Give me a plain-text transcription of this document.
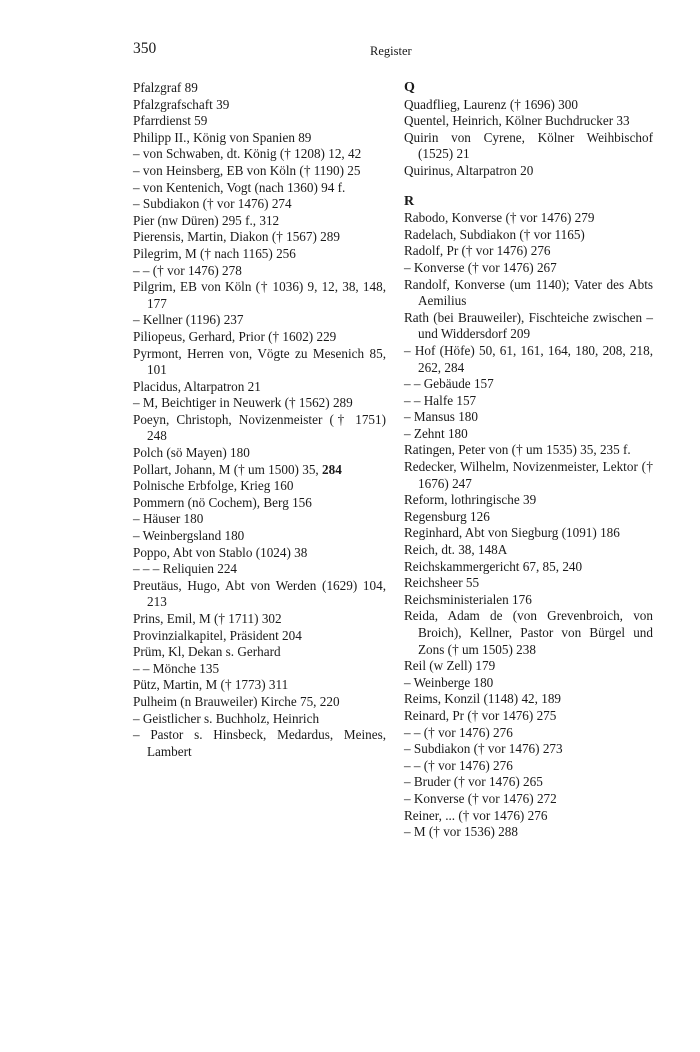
350	Register

Pfalzgraf 89

Pfalzgrafschaft 39

Pfarrdienst 59

Philipp II., König von Spanien 89

– von Schwaben, dt. König († 1208) 12, 42

– von Heinsberg, EB von Köln († 1190) 25

– von Kentenich, Vogt (nach 1360) 94 f.

– Subdiakon († vor 1476) 274

Pier (nw Düren) 295 f., 312

Pierensis, Martin, Diakon († 1567) 289

Pilegrim, M († nach 1165) 256

– – († vor 1476) 278

Pilgrim, EB von Köln († 1036) 9, 12, 38, 148, 177

– Kellner (1196) 237

Piliopeus, Gerhard, Prior († 1602) 229

Pyrmont, Herren von, Vögte zu Mesenich 85, 101

Placidus, Altarpatron 21

– M, Beichtiger in Neuwerk († 1562) 289

Poeyn, Christoph, Novizenmeister († 1751) 248

Polch (sö Mayen) 180

Pollart, Johann, M († um 1500) 35, 284

Polnische Erbfolge, Krieg 160

Pommern (nö Cochem), Berg 156

– Häuser 180

– Weinbergsland 180

Poppo, Abt von Stablo (1024) 38

– – – Reliquien 224

Preutäus, Hugo, Abt von Werden (1629) 104, 213

Prins, Emil, M († 1711) 302

Provinzialkapitel, Präsident 204

Prüm, Kl, Dekan s. Gerhard

– – Mönche 135

Pütz, Martin, M († 1773) 311

Pulheim (n Brauweiler) Kirche 75, 220

– Geistlicher s. Buchholz, Heinrich

– Pastor s. Hinsbeck, Medardus, Meines, Lambert

Q

Quadflieg, Laurenz († 1696) 300

Quentel, Heinrich, Kölner Buchdrucker 33

Quirin von Cyrene, Kölner Weihbischof (1525) 21

Quirinus, Altarpatron 20

R

Rabodo, Konverse († vor 1476) 279

Radelach, Subdiakon († vor 1165)

Radolf, Pr († vor 1476) 276

– Konverse († vor 1476) 267

Randolf, Konverse (um 1140); Vater des Abts Aemilius

Rath (bei Brauweiler), Fischteiche zwischen – und Widdersdorf 209

– Hof (Höfe) 50, 61, 161, 164, 180, 208, 218, 262, 284

– – Gebäude 157

– – Halfe 157

– Mansus 180

– Zehnt 180

Ratingen, Peter von († um 1535) 35, 235 f.

Redecker, Wilhelm, Novizenmeister, Lektor († 1676) 247

Reform, lothringische 39

Regensburg 126

Reginhard, Abt von Siegburg (1091) 186

Reich, dt. 38, 148A

Reichskammergericht 67, 85, 240

Reichsheer 55

Reichsministerialen 176

Reida, Adam de (von Grevenbroich, von Broich), Kellner, Pastor von Bürgel und Zons († um 1505) 238

Reil (w Zell) 179

– Weinberge 180

Reims, Konzil (1148) 42, 189

Reinard, Pr († vor 1476) 275

– – († vor 1476) 276

– Subdiakon († vor 1476) 273

– – († vor 1476) 276

– Bruder († vor 1476) 265

– Konverse († vor 1476) 272

Reiner, ... († vor 1476) 276

– M († vor 1536) 288
